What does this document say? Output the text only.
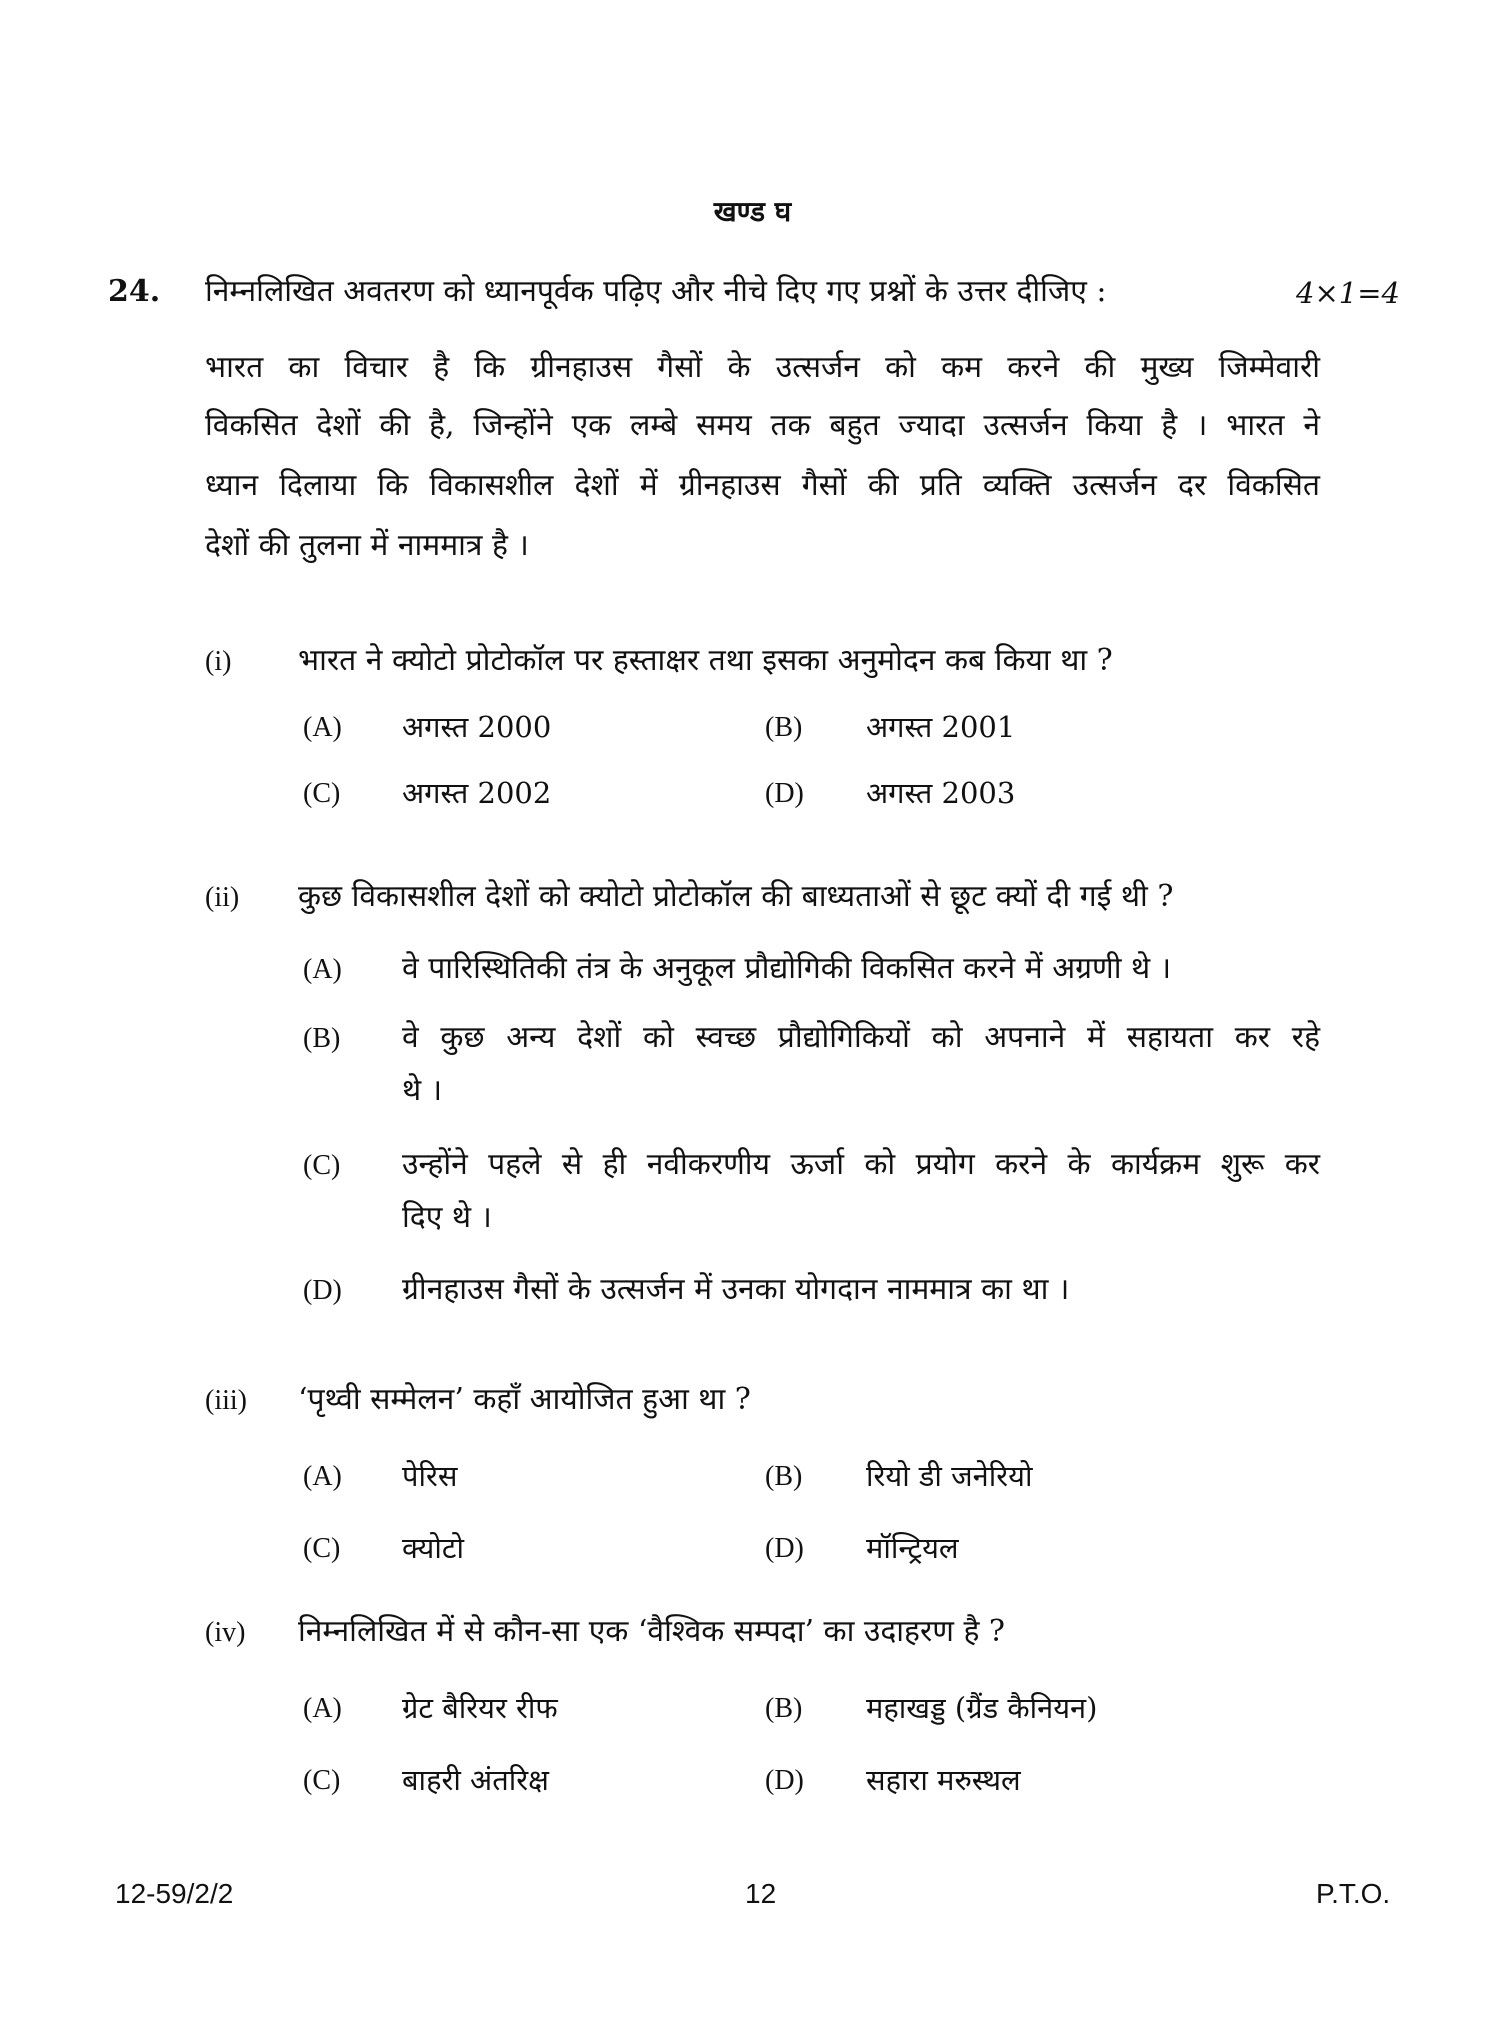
खण्ड घ
24. निम्नलिखित अवतरण को ध्यानपूर्वक पढ़िए और नीचे दिए गए प्रश्नों के उत्तर दीजिए :	4×1=4
भारत का विचार है कि ग्रीनहाउस गैसों के उत्सर्जन को कम करने की मुख्य जिम्मेवारी
विकसित देशों की है, जिन्होंने एक लम्बे समय तक बहुत ज्यादा उत्सर्जन किया है । भारत ने
ध्यान दिलाया कि विकासशील देशों में ग्रीनहाउस गैसों की प्रति व्यक्ति उत्सर्जन दर विकसित
देशों की तुलना में नाममात्र है ।
(i) भारत ने क्योटो प्रोटोकॉल पर हस्ताक्षर तथा इसका अनुमोदन कब किया था ?
(A) अगस्त 2000	(B) अगस्त 2001
(C) अगस्त 2002	(D) अगस्त 2003
(ii) कुछ विकासशील देशों को क्योटो प्रोटोकॉल की बाध्यताओं से छूट क्यों दी गई थी ?
(A) वे पारिस्थितिकी तंत्र के अनुकूल प्रौद्योगिकी विकसित करने में अग्रणी थे ।
(B) वे कुछ अन्य देशों को स्वच्छ प्रौद्योगिकियों को अपनाने में सहायता कर रहे
थे ।
(C) उन्होंने पहले से ही नवीकरणीय ऊर्जा को प्रयोग करने के कार्यक्रम शुरू कर
दिए थे ।
(D) ग्रीनहाउस गैसों के उत्सर्जन में उनका योगदान नाममात्र का था ।
(iii) ‘पृथ्वी सम्मेलन’ कहाँ आयोजित हुआ था ?
(A) पेरिस	(B) रियो डी जनेरियो
(C) क्योटो	(D) मॉन्ट्रियल
(iv) निम्नलिखित में से कौन-सा एक ‘वैश्विक सम्पदा’ का उदाहरण है ?
(A) ग्रेट बैरियर रीफ	(B) महाखड्ड (ग्रैंड कैनियन)
(C) बाहरी अंतरिक्ष	(D) सहारा मरुस्थल
12-59/2/2	12	P.T.O.
